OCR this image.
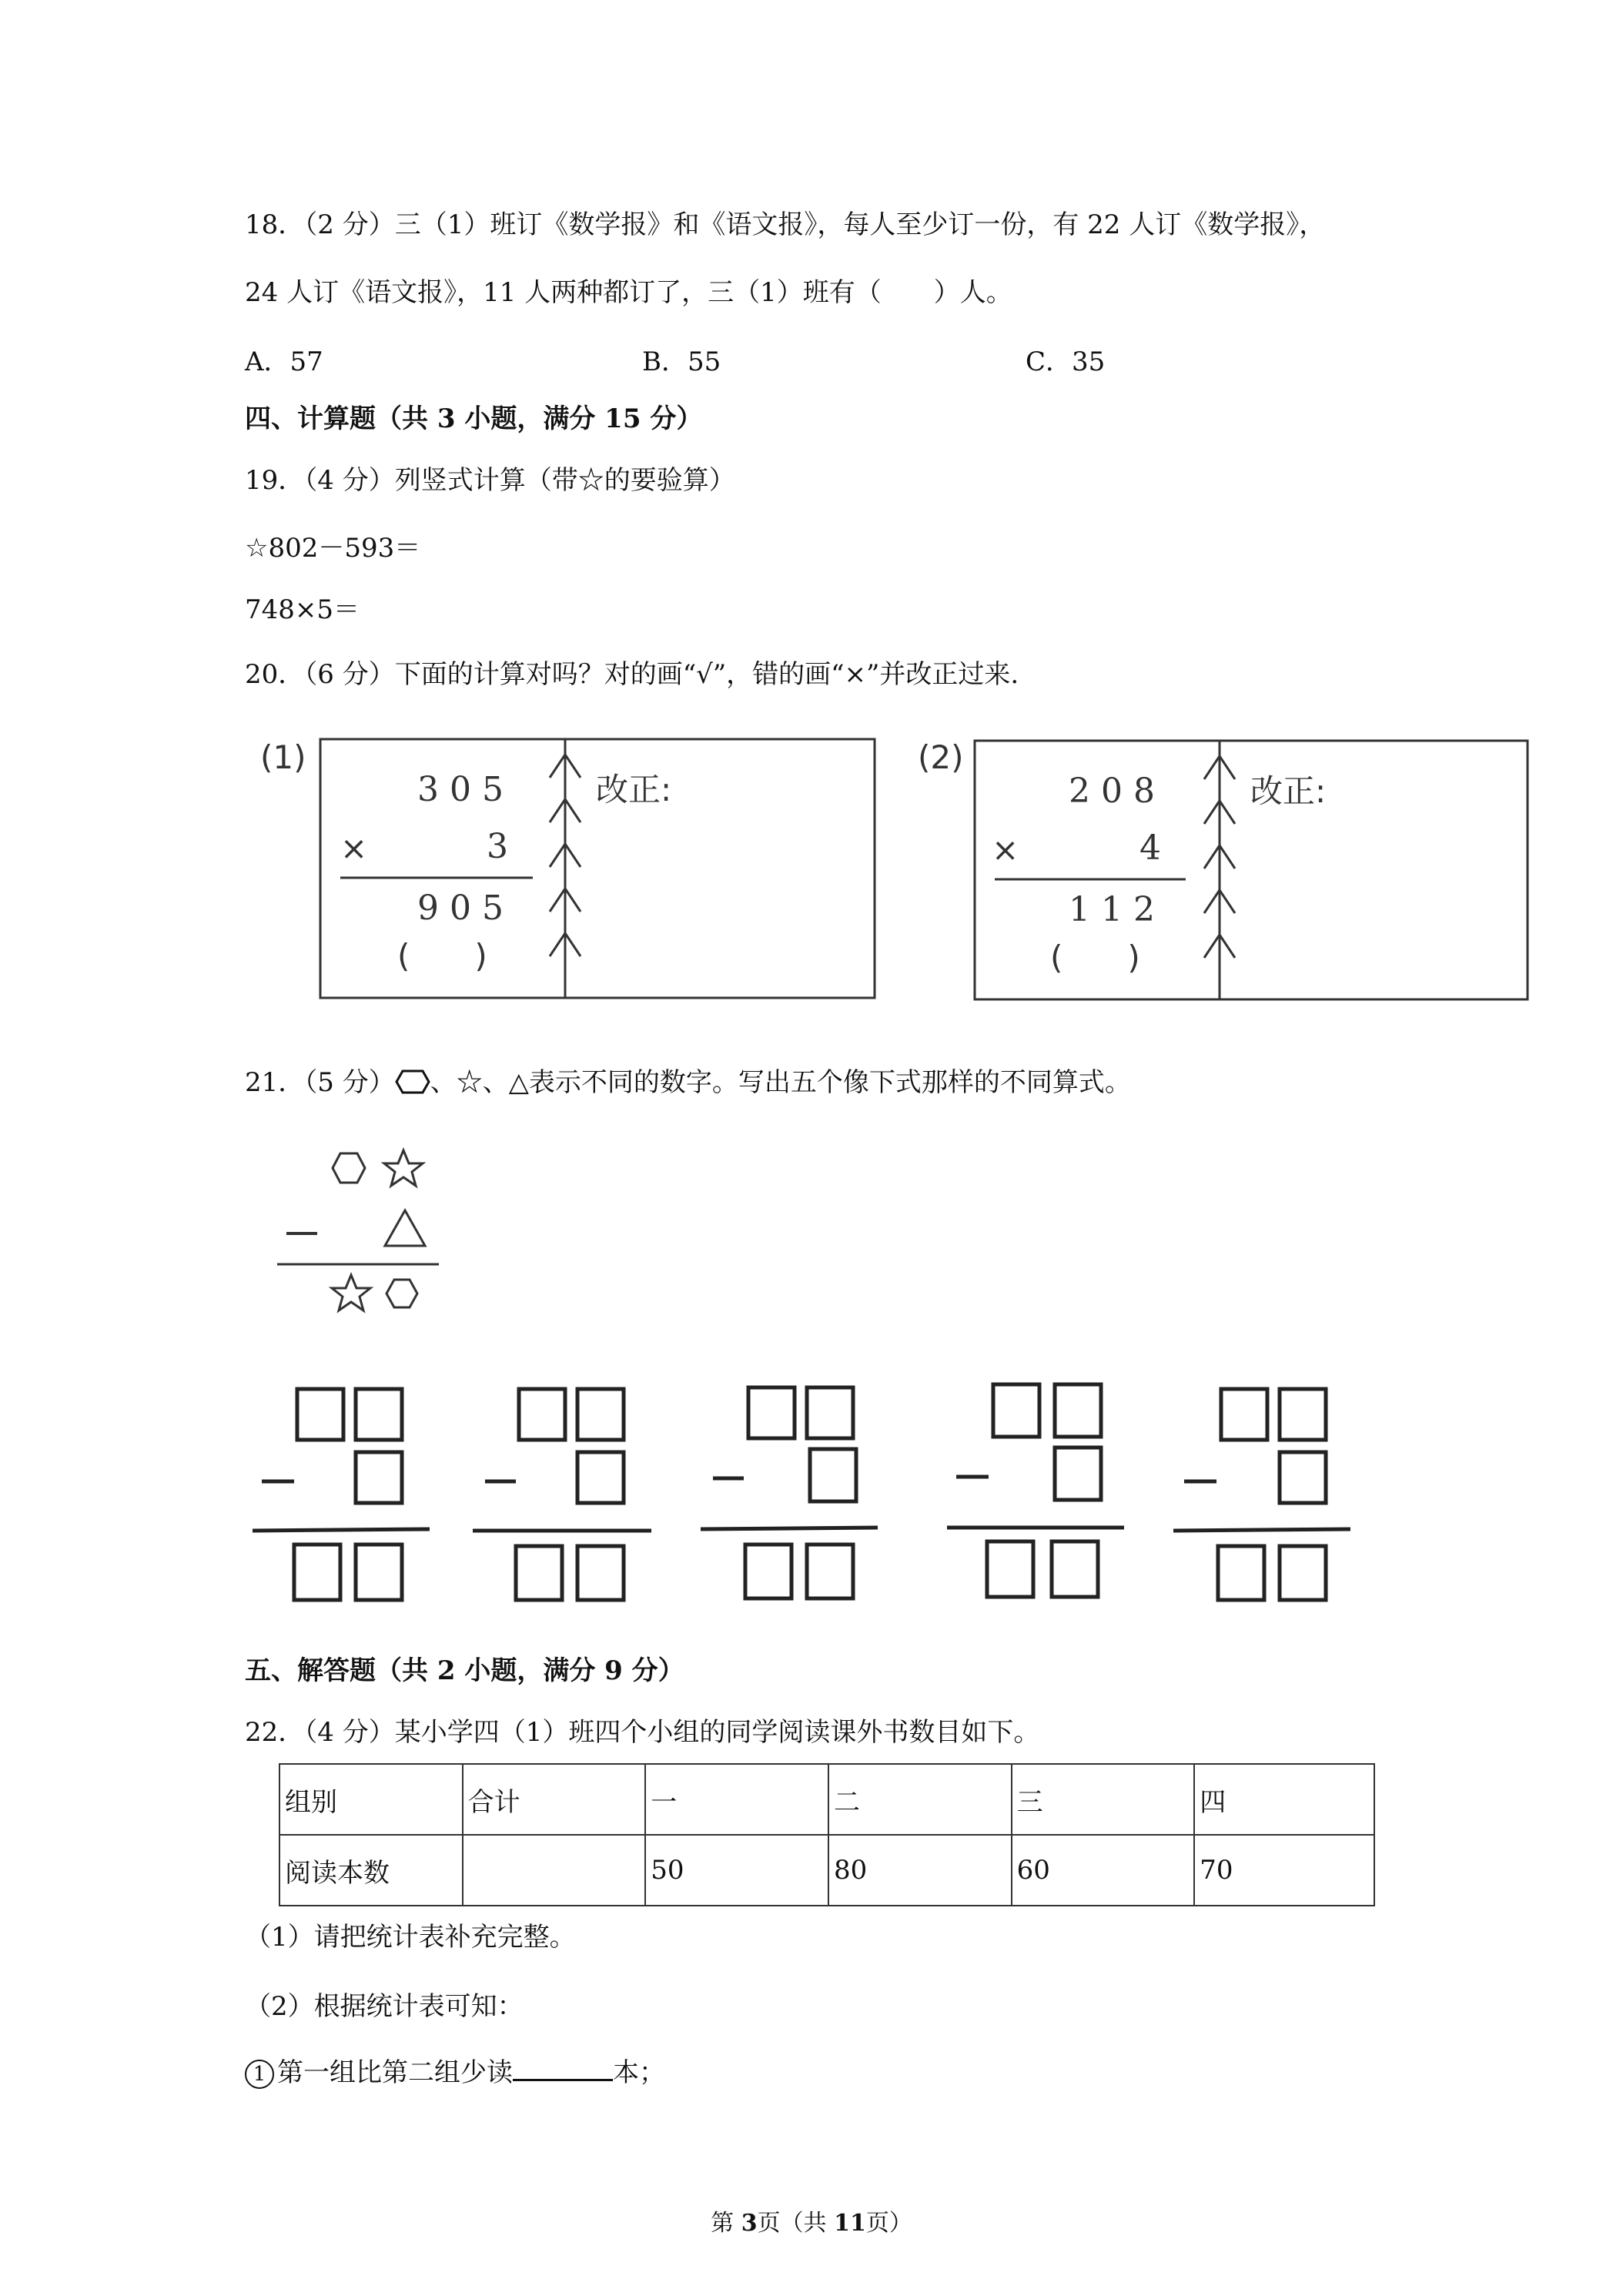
18．（2 分）三（1）班订《数学报》和《语文报》，每人至少订一份，有 22 人订《数学报》，
24 人订《语文报》，11 人两种都订了，三（1）班有（　　）人。
A．57	B．55	C．35
四、计算题（共 3 小题，满分 15 分）
19．（4 分）列竖式计算（带☆的要验算）
☆802－593＝
748×5＝
20．（6 分）下面的计算对吗？对的画“√”，错的画“×”并改正过来.
(1)
3 0 5
×	3
9 0 5
(　　)
改正:
(2)
2 0 8
×	4
1 1 2
(　　)
改正:
21．（5 分） 、☆、△表示不同的数字。写出五个像下式那样的不同算式。
五、解答题（共 2 小题，满分 9 分）
22．（4 分）某小学四（1）班四个小组的同学阅读课外书数目如下。
组别	合计	一	二	三	四
阅读本数		50	80	60	70
（1）请把统计表补充完整。
（2）根据统计表可知：
1 第一组比第二组少读	本；
第 3页（共 11页）
